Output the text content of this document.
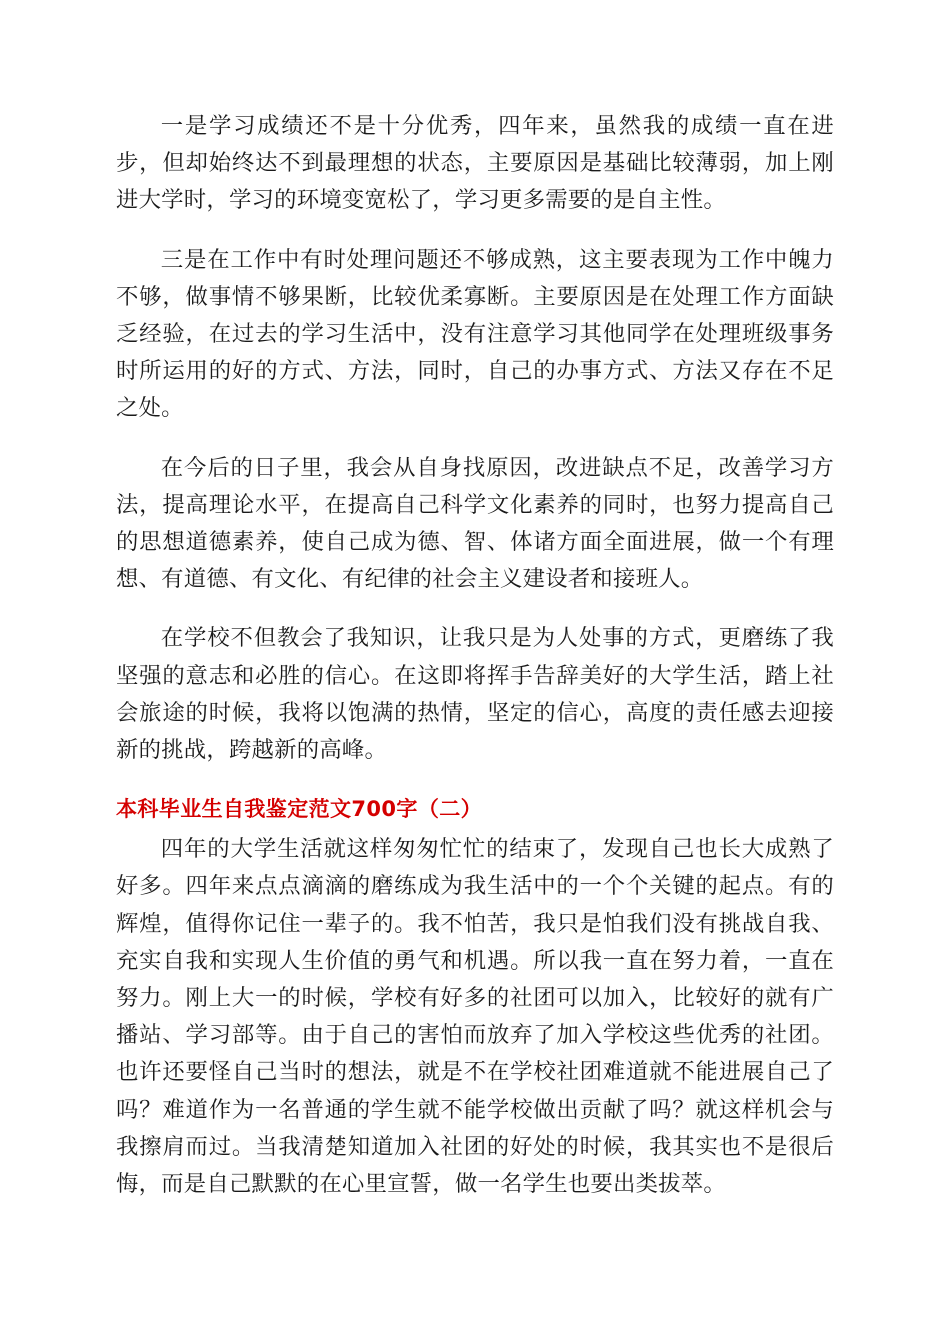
一是学习成绩还不是十分优秀，四年来，虽然我的成绩一直在进步，但却始终达不到最理想的状态，主要原因是基础比较薄弱，加上刚进大学时，学习的环境变宽松了，学习更多需要的是自主性。

三是在工作中有时处理问题还不够成熟，这主要表现为工作中魄力不够，做事情不够果断，比较优柔寡断。主要原因是在处理工作方面缺乏经验，在过去的学习生活中，没有注意学习其他同学在处理班级事务时所运用的好的方式、方法，同时，自己的办事方式、方法又存在不足之处。

在今后的日子里，我会从自身找原因，改进缺点不足，改善学习方法，提高理论水平，在提高自己科学文化素养的同时，也努力提高自己的思想道德素养，使自己成为德、智、体诸方面全面进展，做一个有理想、有道德、有文化、有纪律的社会主义建设者和接班人。

在学校不但教会了我知识，让我只是为人处事的方式，更磨练了我坚强的意志和必胜的信心。在这即将挥手告辞美好的大学生活，踏上社会旅途的时候，我将以饱满的热情，坚定的信心，高度的责任感去迎接新的挑战，跨越新的高峰。

本科毕业生自我鉴定范文700字（二）

四年的大学生活就这样匆匆忙忙的结束了，发现自己也长大成熟了好多。四年来点点滴滴的磨练成为我生活中的一个个关键的起点。有的辉煌，值得你记住一辈子的。我不怕苦，我只是怕我们没有挑战自我、充实自我和实现人生价值的勇气和机遇。所以我一直在努力着，一直在努力。刚上大一的时候，学校有好多的社团可以加入，比较好的就有广播站、学习部等。由于自己的害怕而放弃了加入学校这些优秀的社团。也许还要怪自己当时的想法，就是不在学校社团难道就不能进展自己了吗？难道作为一名普通的学生就不能学校做出贡献了吗？就这样机会与我擦肩而过。当我清楚知道加入社团的好处的时候，我其实也不是很后悔，而是自己默默的在心里宣誓，做一名学生也要出类拔萃。
